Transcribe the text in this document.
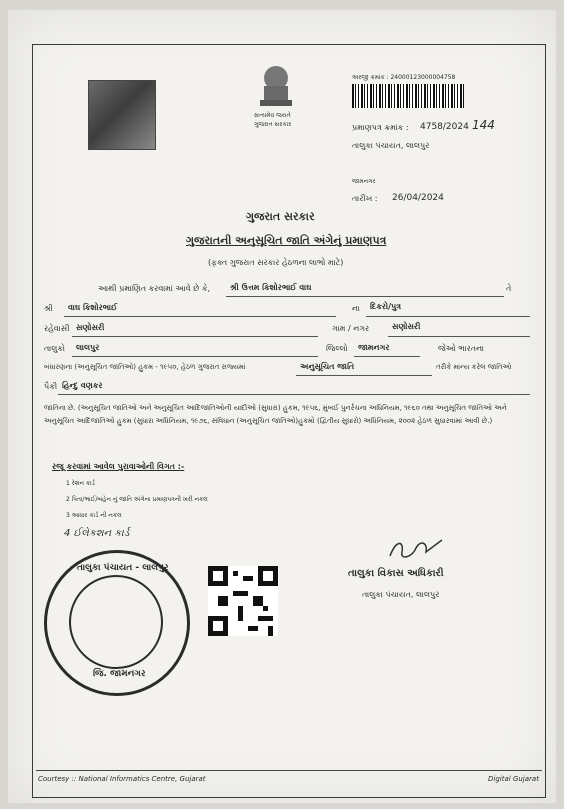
સત્યમેવ જયતે
ગુજરાત સરકાર
અરજી ક્રમાંક : 24000123000004758
પ્રમાણપત્ર ક્રમાંક : 4758/2024 144
તાલુકા પંચાયત, લાલપુર
જામનગર
તારીખ : 26/04/2024
ગુજરાત સરકાર
ગુજરાતની અનુસૂચિત જાતિ અંગેનું પ્રમાણપત્ર
(ફક્ત ગુજરાત સરકાર હેઠળના લાભો માટે)
આથી પ્રમાણિત કરવામાં આવે છે કે, શ્રી ઉત્તમ કિશોરભાઈ વાઘ	તે
શ્રી વાઘ કિશોરભાઈ	ના દિકરો/પુત્ર
રહેવાસી સણોસરી	ગામ / નગર	સણોસરી
તાલુકો લાલપુર	જિલ્લો જામનગર	જેઓ ભારતના
બંધારણના (અનુસૂચિત જાતિઓ) હુકમ - ૧૯૫૦, હેઠળ ગુજરાત રાજ્યમાં	અનુસૂચિત જાતિ	તરીકે માન્ય કરેલ જાતિઓ
પૈકી હિન્દુ વણકર
જાતિના છે. (અનુસૂચિત જાતિઓ અને અનુસૂચિત આદિજાતિઓની યાદીઓ (સુધારા) હુકમ, ૧૯૫૬, મુંબઈ પુનર્રચના અધિનિયમ, ૧૯૬૦ તથા અનુસૂચિત જાતિઓ અને અનુસૂચિત આદિજાતિઓ હુકમ (સુધારા અધિનિયમ, ૧૯૭૬, સંવિધાન (અનુસૂચિત જાતિઓ)હુકમો (દ્વિતીય સુધારો) અધિનિયમ, ૨૦૦૨ હેઠળ સુધારવામાં આવી છે.)
રજૂ કરવામાં આવેલ પુરાવાઓની વિગત :-
1 રેશન કાર્ડ
2 પિતા/ભાઈ/બહેન નું જાતિ અંગેના પ્રમાણપત્રની ખરી નકલ
3 આધાર કાર્ડ ની નકલ
4 ઈલેકશન કાર્ડ
તાલુકા વિકાસ અધિકારી
તાલુકા પંચાયત, લાલપુર
તાલુકા પંચાયત - લાલપુર
જિ. જામનગર
Courtesy :: National Informatics Centre, Gujarat	Digital Gujarat
